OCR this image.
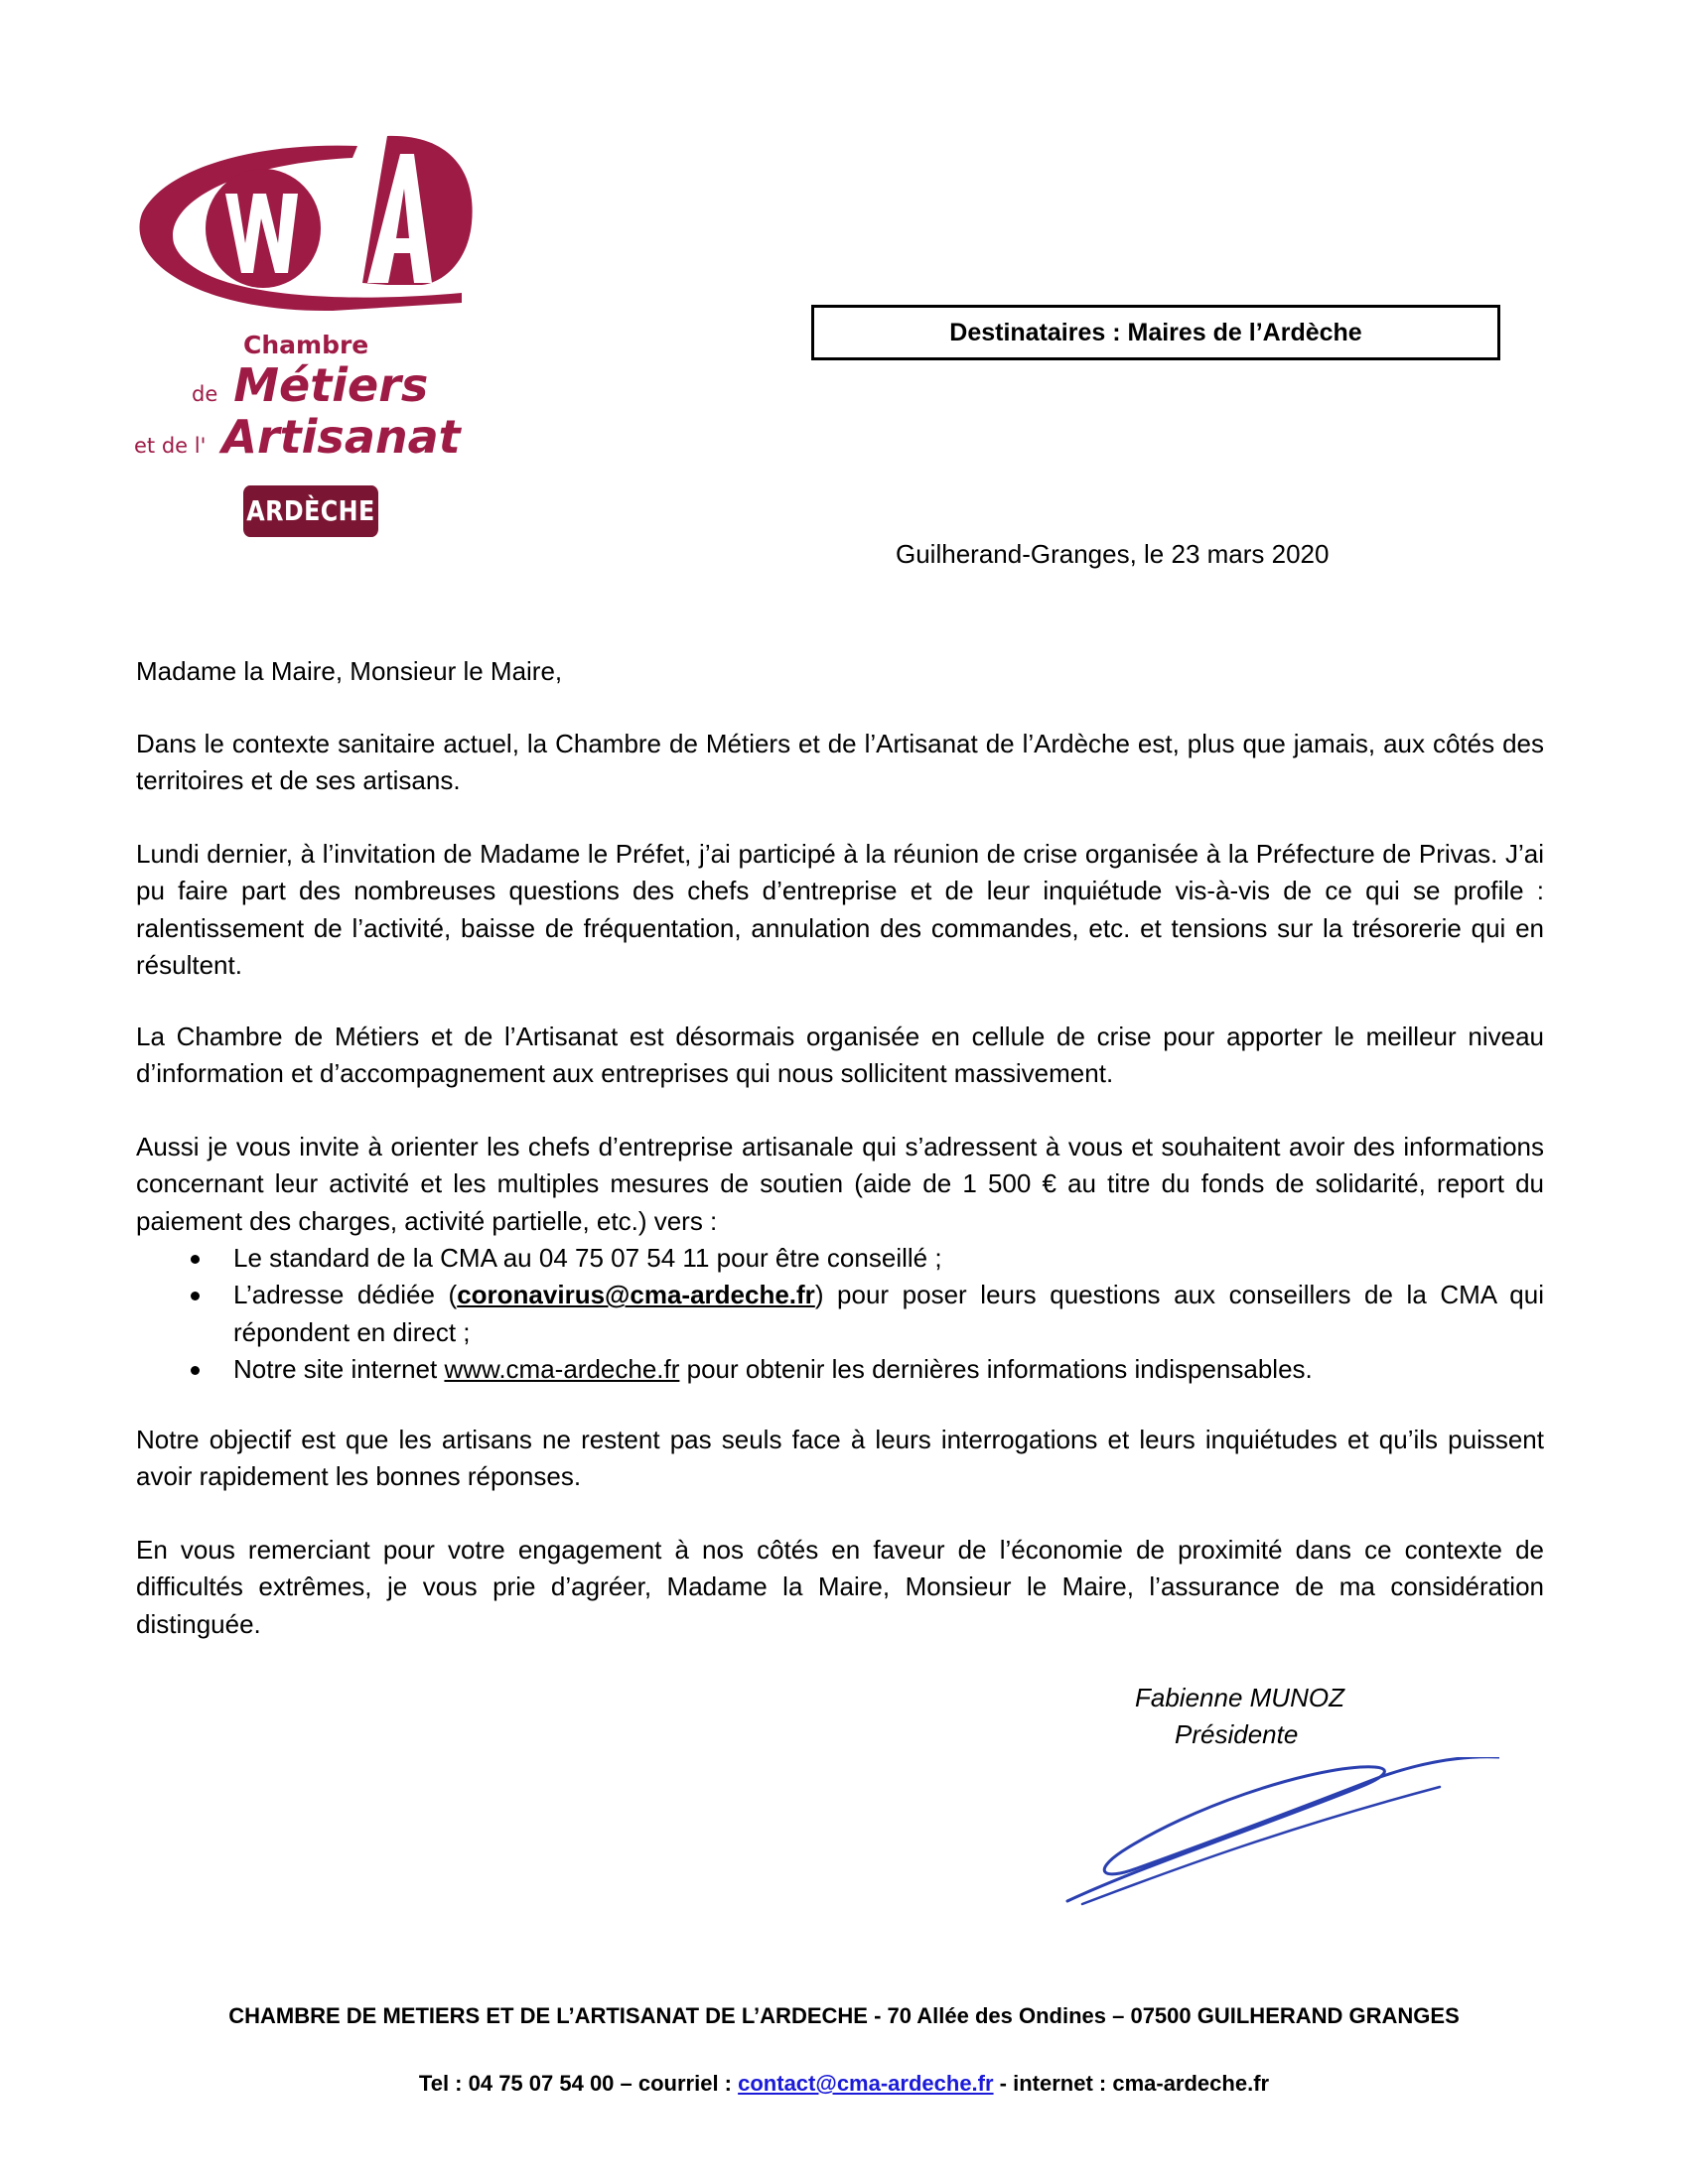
Chambre
de Métiers
et de l' Artisanat
ARDÈCHE
Destinataires : Maires de l’Ardèche
Guilherand-Granges, le 23 mars 2020
Madame la Maire, Monsieur le Maire,

Dans le contexte sanitaire actuel, la Chambre de Métiers et de l’Artisanat de l’Ardèche est, plus que jamais, aux côtés des territoires et de ses artisans.

Lundi dernier, à l’invitation de Madame le Préfet, j’ai participé à la réunion de crise organisée à la Préfecture de Privas. J’ai pu faire part des nombreuses questions des chefs d’entreprise et de leur inquiétude vis-à-vis de ce qui se profile : ralentissement de l’activité, baisse de fréquentation, annulation des commandes, etc. et tensions sur la trésorerie qui en résultent.

La Chambre de Métiers et de l’Artisanat est désormais organisée en cellule de crise pour apporter le meilleur niveau d’information et d’accompagnement aux entreprises qui nous sollicitent massivement.

Aussi je vous invite à orienter les chefs d’entreprise artisanale qui s’adressent à vous et souhaitent avoir des informations concernant leur activité et les multiples mesures de soutien (aide de 1 500 € au titre du fonds de solidarité, report du paiement des charges, activité partielle, etc.) vers :

Le standard de la CMA au 04 75 07 54 11 pour être conseillé ;
L’adresse dédiée (coronavirus@cma-ardeche.fr) pour poser leurs questions aux conseillers de la CMA qui répondent en direct ;
Notre site internet www.cma-ardeche.fr pour obtenir les dernières informations indispensables.

Notre objectif est que les artisans ne restent pas seuls face à leurs interrogations et leurs inquiétudes et qu’ils puissent avoir rapidement les bonnes réponses.

En vous remerciant pour votre engagement à nos côtés en faveur de l’économie de proximité dans ce contexte de difficultés extrêmes, je vous prie d’agréer, Madame la Maire, Monsieur le Maire, l’assurance de ma considération distinguée.

Fabienne MUNOZ
Présidente
CHAMBRE DE METIERS ET DE L’ARTISANAT DE L’ARDECHE - 70 Allée des Ondines – 07500 GUILHERAND GRANGES
Tel : 04 75 07 54 00 – courriel : contact@cma-ardeche.fr - internet : cma-ardeche.fr
